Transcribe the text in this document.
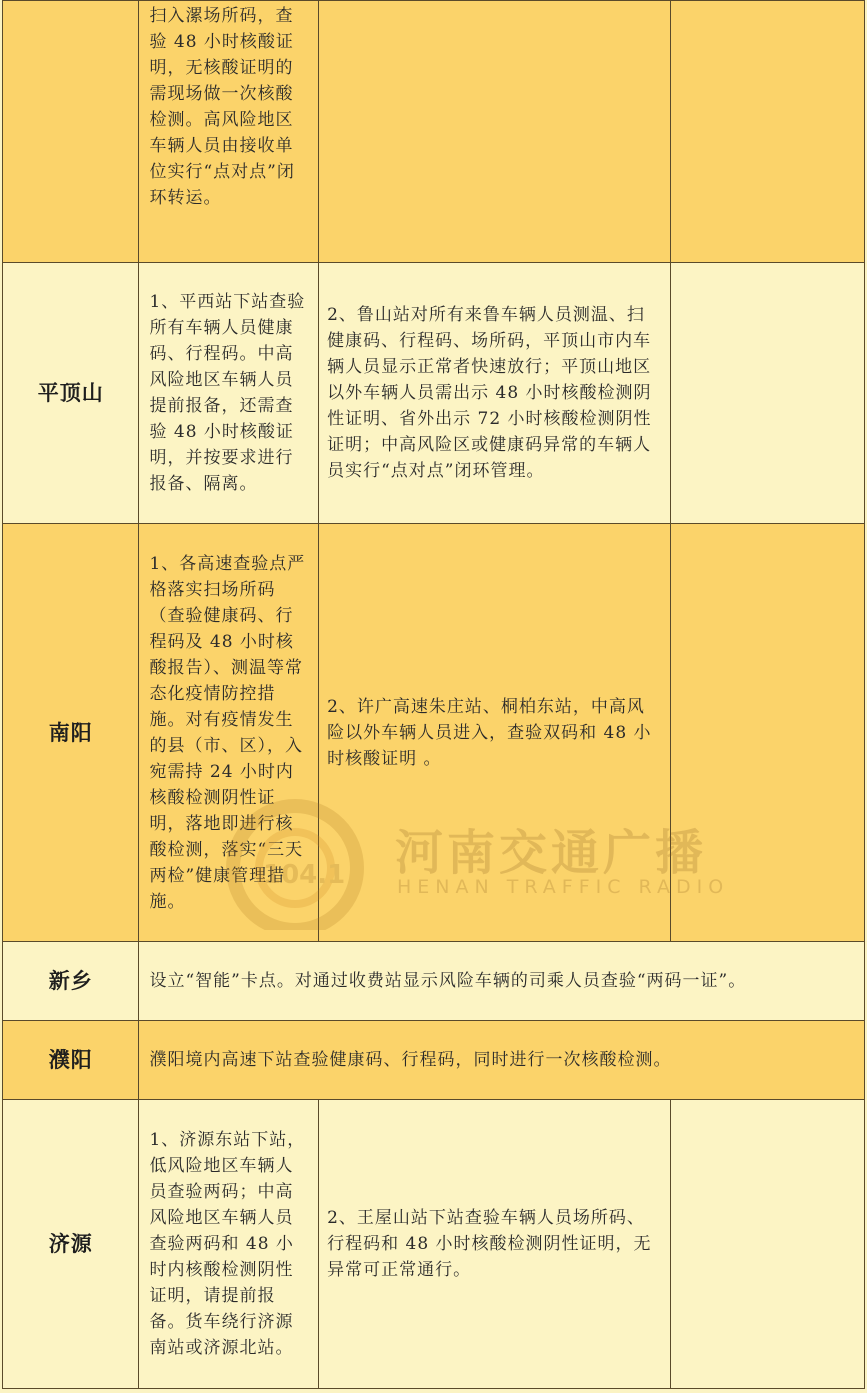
	扫入漯场所码，查验 48 小时核酸证明，无核酸证明的需现场做一次核酸检测。高风险地区车辆人员由接收单位实行“点对点”闭环转运。		
平顶山	1、平西站下站查验所有车辆人员健康码、行程码。中高风险地区车辆人员提前报备，还需查验 48 小时核酸证明，并按要求进行报备、隔离。	2、鲁山站对所有来鲁车辆人员测温、扫健康码、行程码、场所码，平顶山市内车辆人员显示正常者快速放行；平顶山地区以外车辆人员需出示 48 小时核酸检测阴性证明、省外出示 72 小时核酸检测阴性证明；中高风险区或健康码异常的车辆人员实行“点对点”闭环管理。	
南阳	1、各高速查验点严格落实扫场所码（查验健康码、行程码及 48 小时核酸报告）、测温等常态化疫情防控措施。对有疫情发生的县（市、区），入宛需持 24 小时内核酸检测阴性证明，落地即进行核酸检测，落实“三天两检”健康管理措施。	2、许广高速朱庄站、桐柏东站，中高风险以外车辆人员进入，查验双码和 48 小时核酸证明 。	
新乡	设立“智能”卡点。对通过收费站显示风险车辆的司乘人员查验“两码一证”。		
濮阳	濮阳境内高速下站查验健康码、行程码，同时进行一次核酸检测。		
济源	1、济源东站下站，低风险地区车辆人员查验两码；中高风险地区车辆人员查验两码和 48 小时内核酸检测阴性证明，请提前报备。货车绕行济源南站或济源北站。	2、王屋山站下站查验车辆人员场所码、行程码和 48 小时核酸检测阴性证明，无异常可正常通行。	
104.1 河南交通广播
HENAN TRAFFIC RADIO
